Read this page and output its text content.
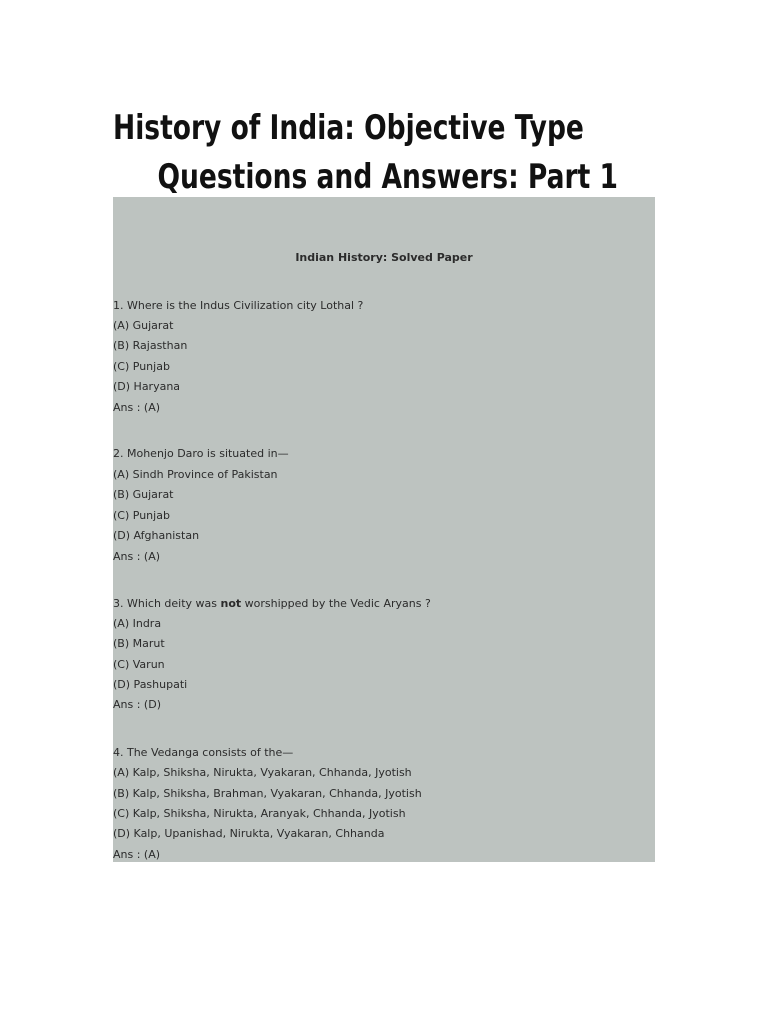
History of India: Objective Type
Questions and Answers: Part 1
Indian History: Solved Paper
1. Where is the Indus Civilization city Lothal ?
(A) Gujarat
(B) Rajasthan
(C) Punjab
(D) Haryana
Ans : (A)
2. Mohenjo Daro is situated in—
(A) Sindh Province of Pakistan
(B) Gujarat
(C) Punjab
(D) Afghanistan
Ans : (A)
3. Which deity was not worshipped by the Vedic Aryans ?
(A) Indra
(B) Marut
(C) Varun
(D) Pashupati
Ans : (D)
4. The Vedanga consists of the—
(A) Kalp, Shiksha, Nirukta, Vyakaran, Chhanda, Jyotish
(B) Kalp, Shiksha, Brahman, Vyakaran, Chhanda, Jyotish
(C) Kalp, Shiksha, Nirukta, Aranyak, Chhanda, Jyotish
(D) Kalp, Upanishad, Nirukta, Vyakaran, Chhanda
Ans : (A)
